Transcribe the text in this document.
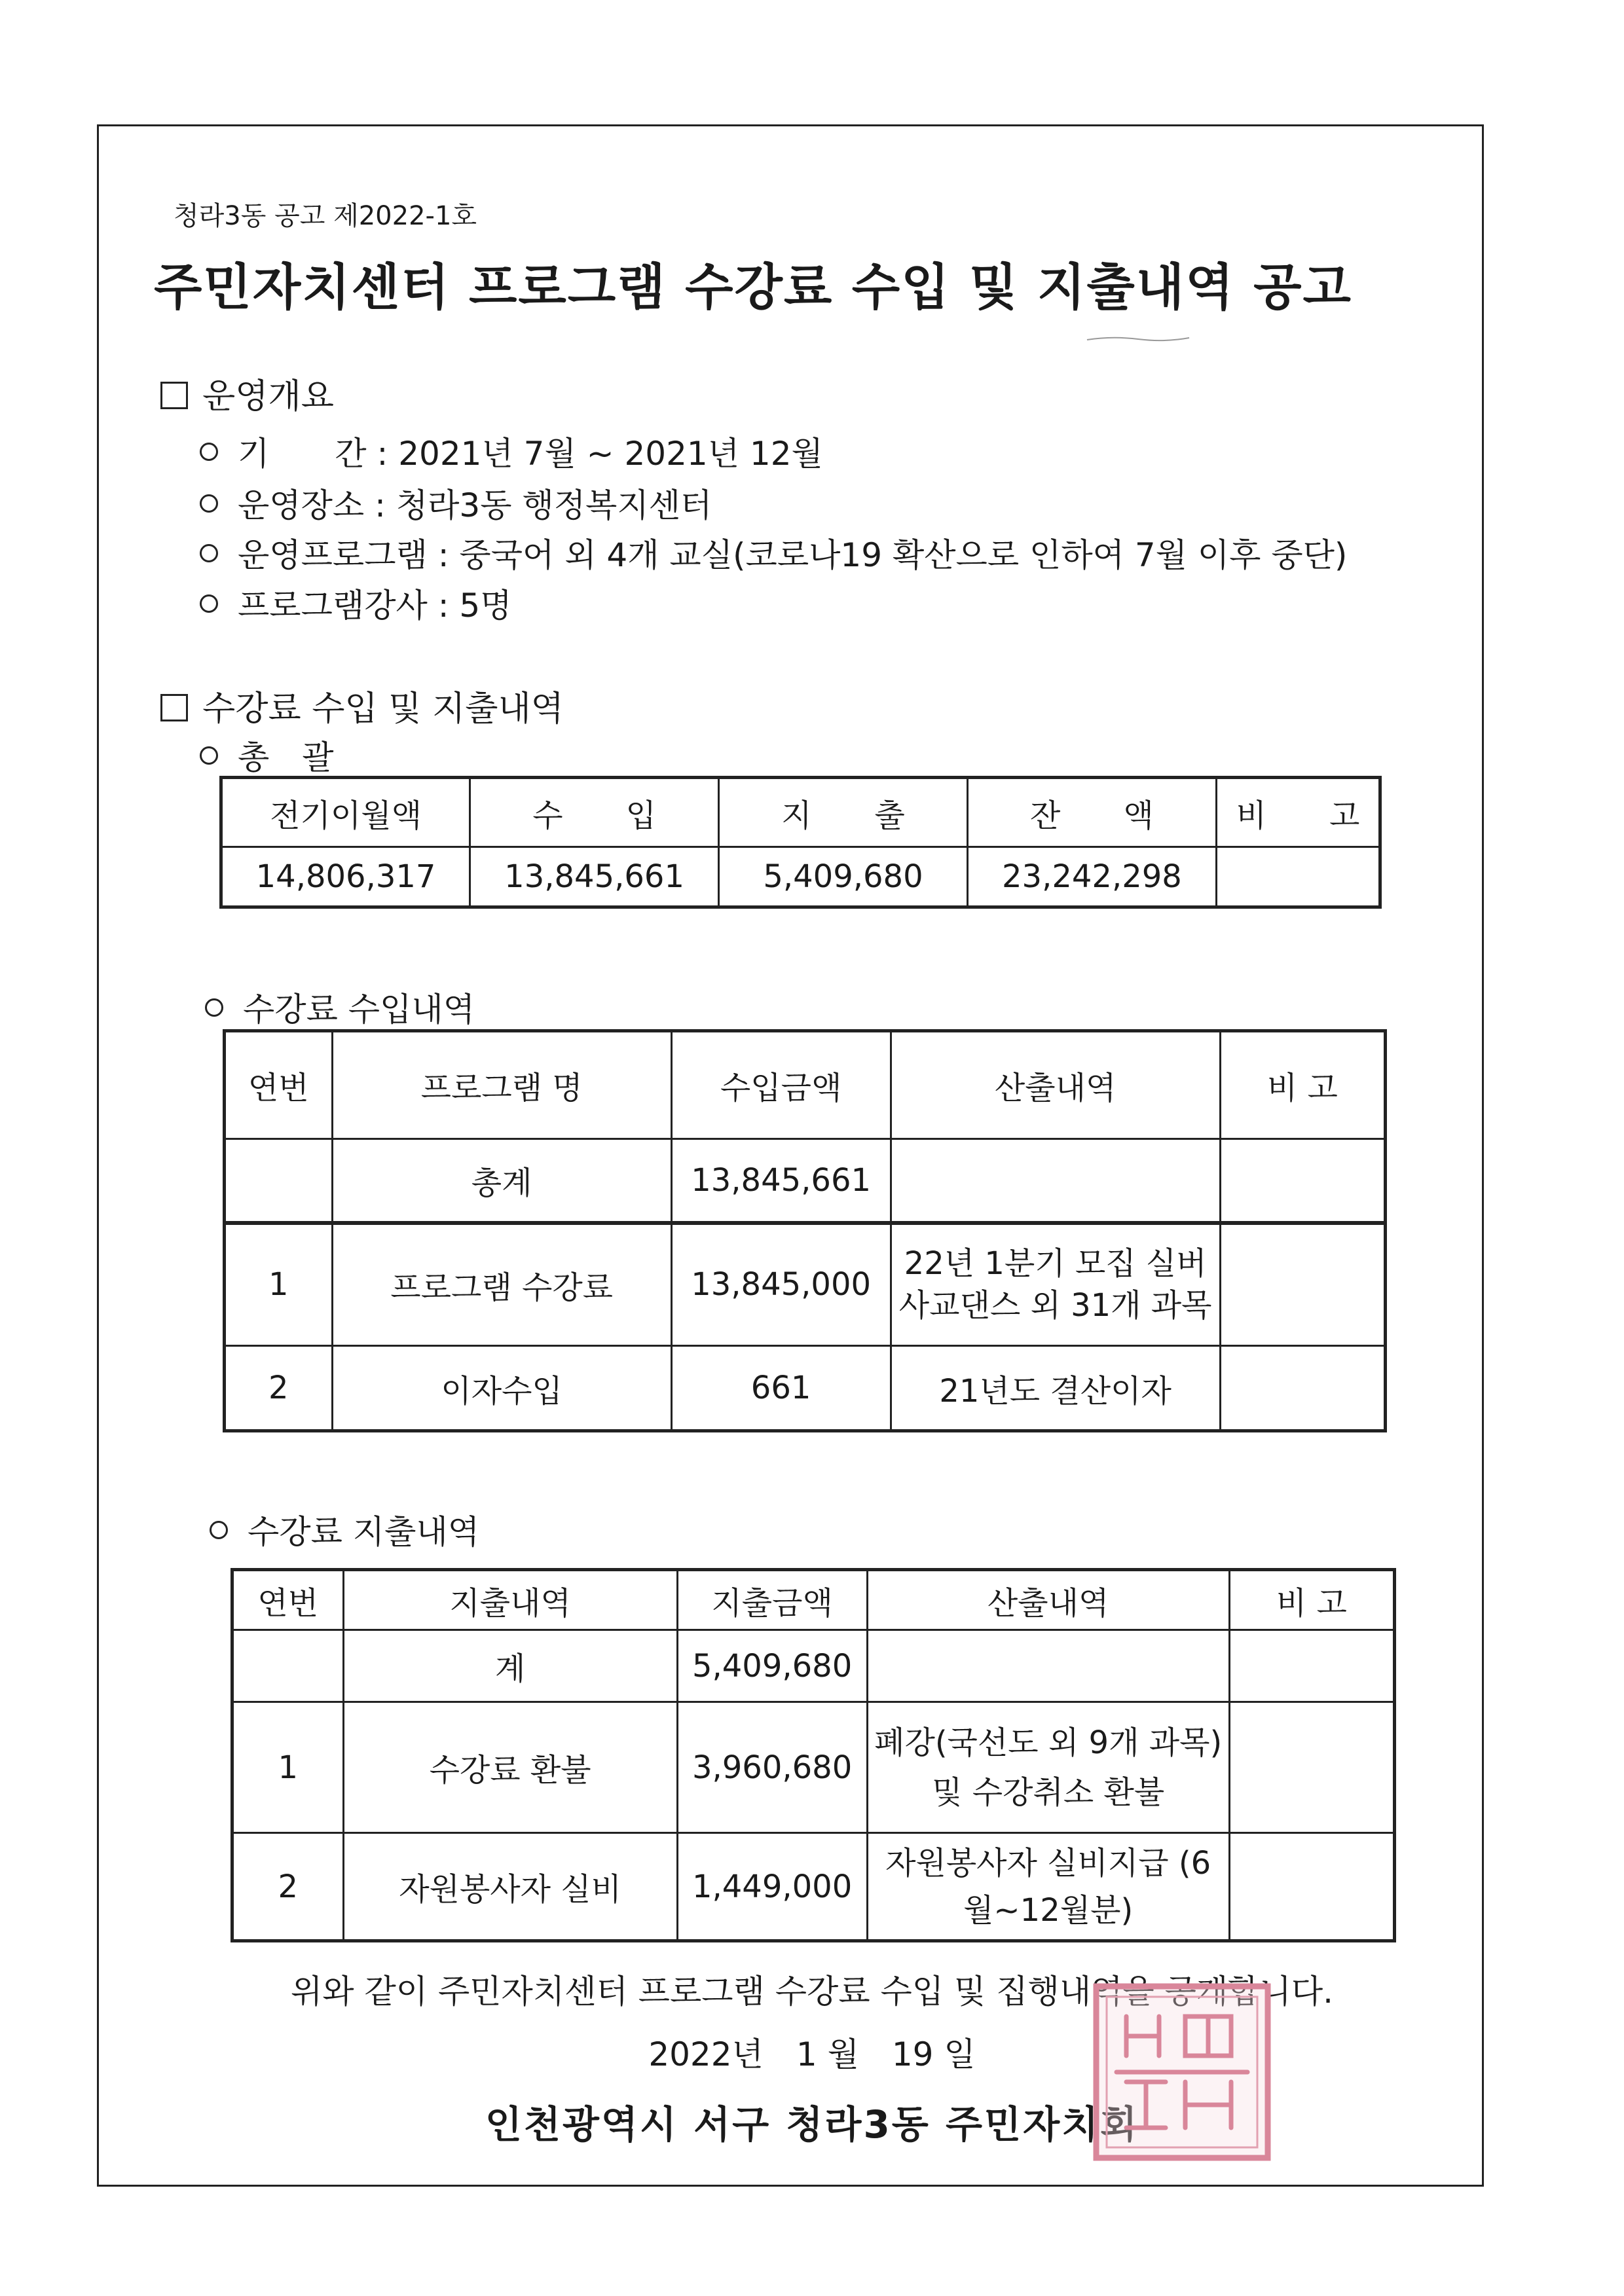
청라3동 공고 제2022-1호
주민자치센터 프로그램 수강료 수입 및 지출내역 공고
운영개요
기　　간 : 2021년 7월 ~ 2021년 12월
운영장소 : 청라3동 행정복지센터
운영프로그램 : 중국어 외 4개 교실(코로나19 확산으로 인하여 7월 이후 중단)
프로그램강사 : 5명
수강료 수입 및 지출내역
총　괄
전기이월액	수　　입	지　　출	잔　　액	비　　고
14,806,317	13,845,661	5,409,680	23,242,298	
수강료 수입내역
연번	프로그램 명	수입금액	산출내역	비 고
	총계	13,845,661		
1	프로그램 수강료	13,845,000	22년 1분기 모집 실버사교댄스 외 31개 과목	
2	이자수입	661	21년도 결산이자	
수강료 지출내역
연번	지출내역	지출금액	산출내역	비 고
	계	5,409,680		
1	수강료 환불	3,960,680	폐강(국선도 외 9개 과목) 및 수강취소 환불	
2	자원봉사자 실비	1,449,000	자원봉사자 실비지급 (6월~12월분)	
위와 같이 주민자치센터 프로그램 수강료 수입 및 집행내역을 공개합니다.
2022년　1 월　19 일
인천광역시 서구 청라3동 주민자치회
